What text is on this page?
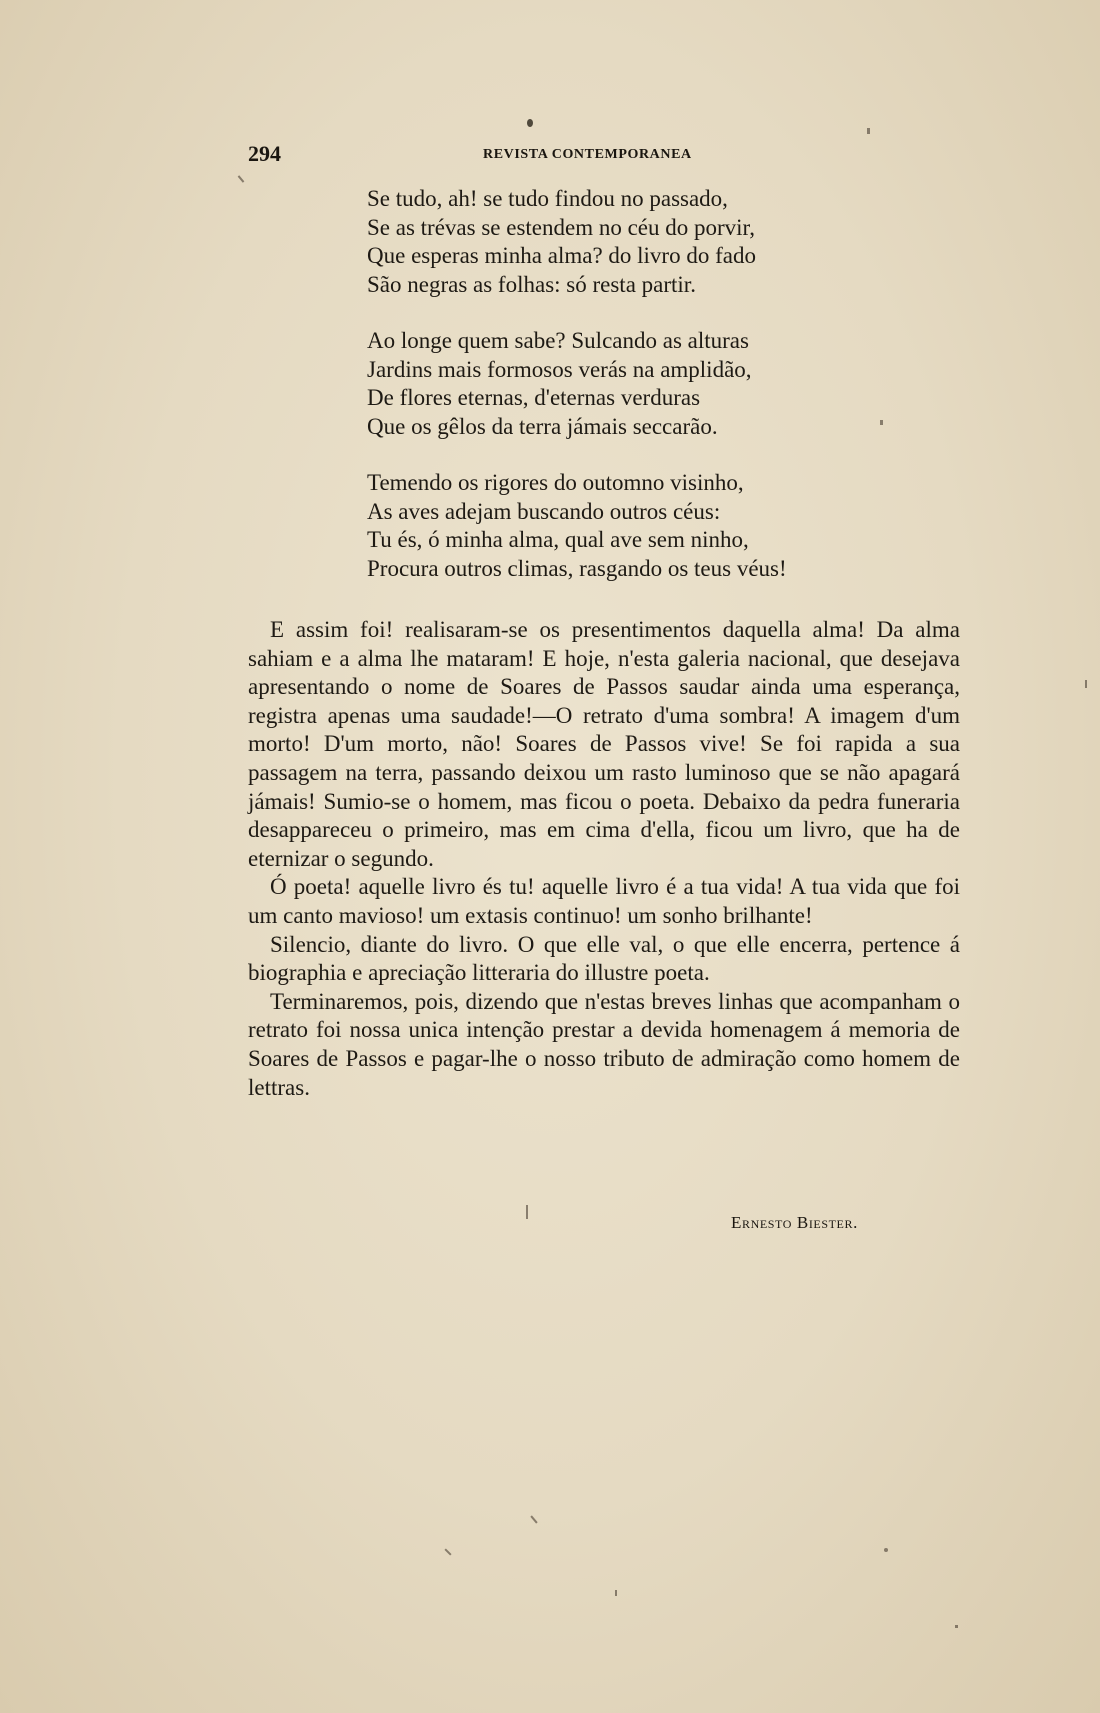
294	REVISTA CONTEMPORANEA
Se tudo, ah! se tudo findou no passado,
Se as trévas se estendem no céu do porvir,
Que esperas minha alma? do livro do fado
São negras as folhas: só resta partir.
Ao longe quem sabe? Sulcando as alturas
Jardins mais formosos verás na amplidão,
De flores eternas, d'eternas verduras
Que os gêlos da terra jámais seccarão.
Temendo os rigores do outomno visinho,
As aves adejam buscando outros céus:
Tu és, ó minha alma, qual ave sem ninho,
Procura outros climas, rasgando os teus véus!

E assim foi! realisaram-se os presentimentos daquella alma! Da alma sahiam e a alma lhe mataram! E hoje, n'esta galeria nacional, que desejava apresentando o nome de Soares de Passos saudar ainda uma esperança, registra apenas uma saudade!—O retrato d'uma sombra! A imagem d'um morto! D'um morto, não! Soares de Passos vive! Se foi rapida a sua passagem na terra, passando deixou um rasto luminoso que se não apagará jámais! Sumio-se o homem, mas ficou o poeta. Debaixo da pedra funeraria desappareceu o primeiro, mas em cima d'ella, ficou um livro, que ha de eternizar o segundo.

Ó poeta! aquelle livro és tu! aquelle livro é a tua vida! A tua vida que foi um canto mavioso! um extasis continuo! um sonho brilhante!

Silencio, diante do livro. O que elle val, o que elle encerra, pertence á biographia e apreciação litteraria do illustre poeta.

Terminaremos, pois, dizendo que n'estas breves linhas que acompanham o retrato foi nossa unica intenção prestar a devida homenagem á memoria de Soares de Passos e pagar-lhe o nosso tributo de admiração como homem de lettras.

Ernesto Biester.
